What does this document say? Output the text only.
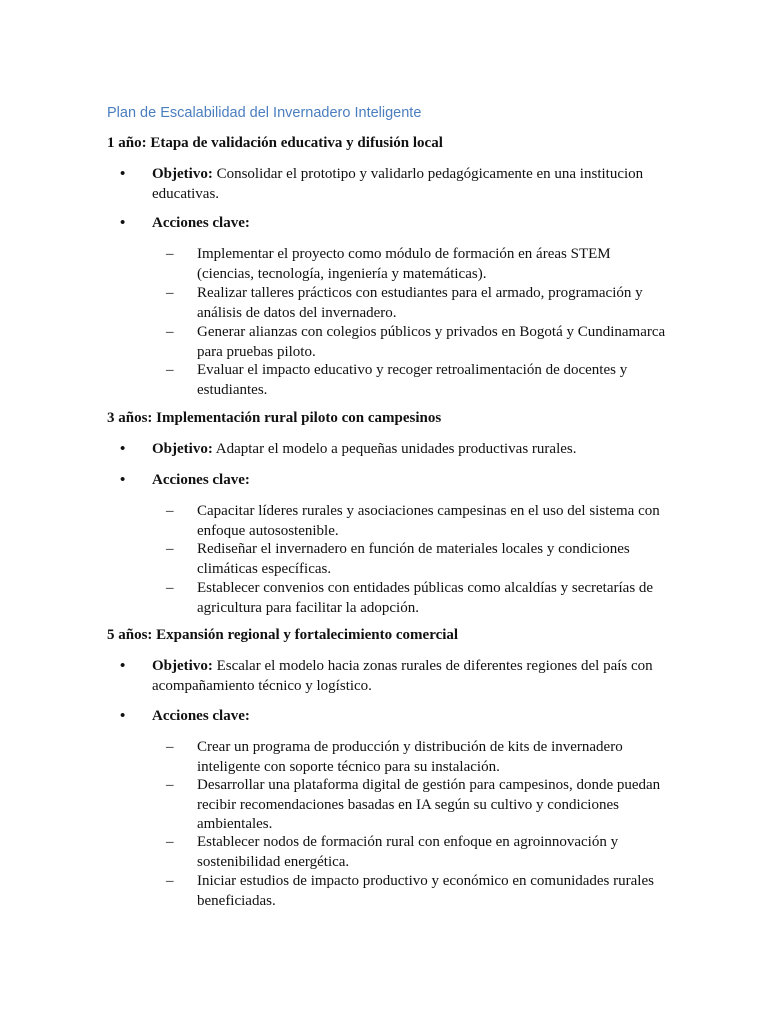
Plan de Escalabilidad del Invernadero Inteligente
1 año: Etapa de validación educativa y difusión local
• Objetivo: Consolidar el prototipo y validarlo pedagógicamente en una institucion educativas.
• Acciones clave:
– Implementar el proyecto como módulo de formación en áreas STEM (ciencias, tecnología, ingeniería y matemáticas).
– Realizar talleres prácticos con estudiantes para el armado, programación y análisis de datos del invernadero.
– Generar alianzas con colegios públicos y privados en Bogotá y Cundinamarca para pruebas piloto.
– Evaluar el impacto educativo y recoger retroalimentación de docentes y estudiantes.
3 años: Implementación rural piloto con campesinos
• Objetivo: Adaptar el modelo a pequeñas unidades productivas rurales.
• Acciones clave:
– Capacitar líderes rurales y asociaciones campesinas en el uso del sistema con enfoque autosostenible.
– Rediseñar el invernadero en función de materiales locales y condiciones climáticas específicas.
– Establecer convenios con entidades públicas como alcaldías y secretarías de agricultura para facilitar la adopción.
5 años: Expansión regional y fortalecimiento comercial
• Objetivo: Escalar el modelo hacia zonas rurales de diferentes regiones del país con acompañamiento técnico y logístico.
• Acciones clave:
– Crear un programa de producción y distribución de kits de invernadero inteligente con soporte técnico para su instalación.
– Desarrollar una plataforma digital de gestión para campesinos, donde puedan recibir recomendaciones basadas en IA según su cultivo y condiciones ambientales.
– Establecer nodos de formación rural con enfoque en agroinnovación y sostenibilidad energética.
– Iniciar estudios de impacto productivo y económico en comunidades rurales beneficiadas.
